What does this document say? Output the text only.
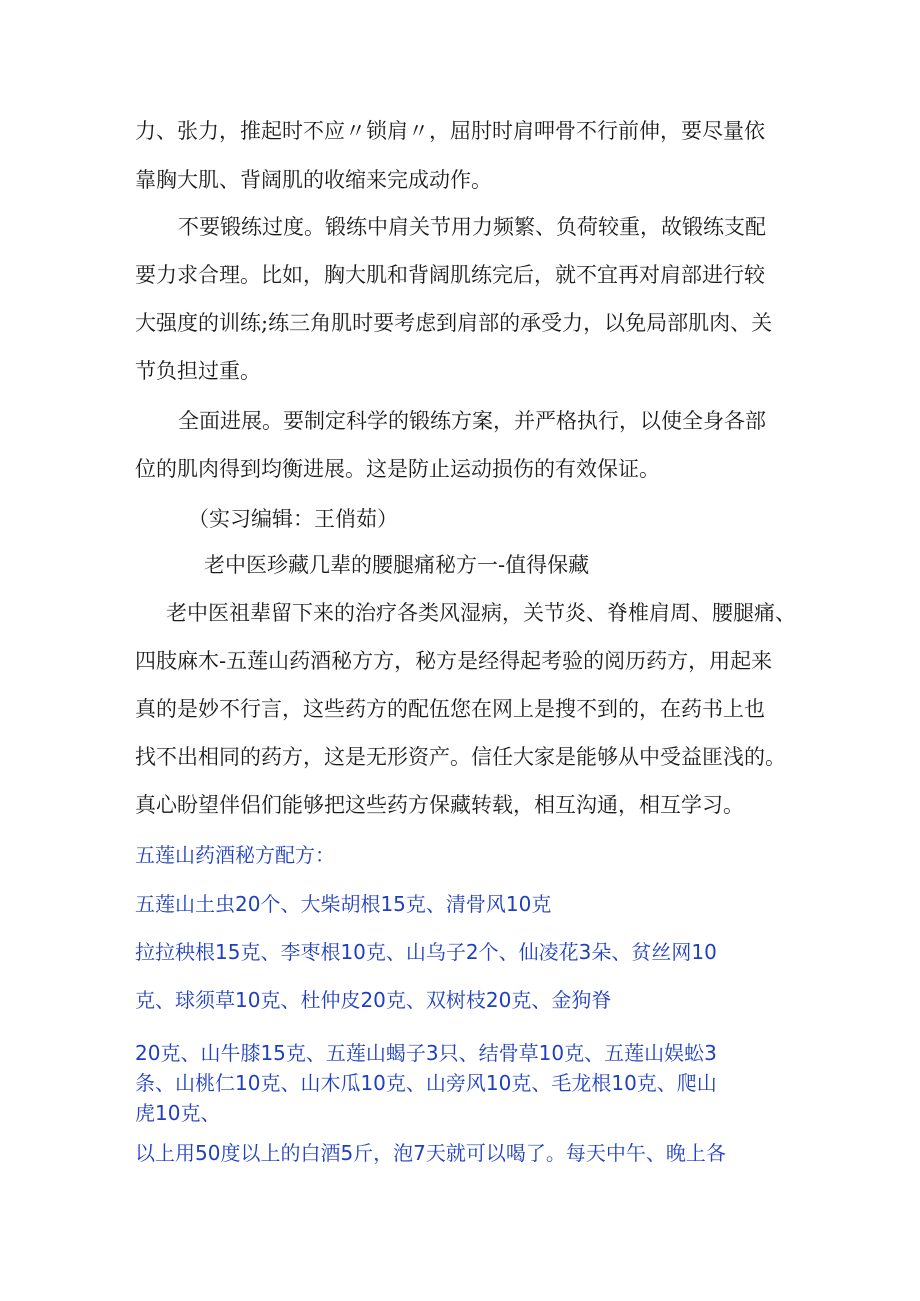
力、张力，推起时不应〃锁肩〃，屈肘时肩呷骨不行前伸，要尽量依
靠胸大肌、背阔肌的收缩来完成动作。
不要锻练过度。锻练中肩关节用力频繁、负荷较重，故锻练支配
要力求合理。比如，胸大肌和背阔肌练完后，就不宜再对肩部进行较
大强度的训练;练三角肌时要考虑到肩部的承受力，以免局部肌肉、关
节负担过重。
全面进展。要制定科学的锻练方案，并严格执行，以使全身各部
位的肌肉得到均衡进展。这是防止运动损伤的有效保证。
（实习编辑：王俏茹）
老中医珍藏几辈的腰腿痛秘方一-值得保藏
老中医祖辈留下来的治疗各类风湿病，关节炎、脊椎肩周、腰腿痛、
四肢麻木-五莲山药酒秘方方，秘方是经得起考验的阅历药方，用起来
真的是妙不行言，这些药方的配伍您在网上是搜不到的，在药书上也
找不出相同的药方，这是无形资产。信任大家是能够从中受益匪浅的。
真心盼望伴侣们能够把这些药方保藏转载，相互沟通，相互学习。
五莲山药酒秘方配方：
五莲山土虫20个、大柴胡根15克、清骨风10克
拉拉秧根15克、李枣根10克、山乌子2个、仙凌花3朵、贫丝网10
克、球须草10克、杜仲皮20克、双树枝20克、金狗脊
20克、山牛膝15克、五莲山蝎子3只、结骨草10克、五莲山娱蚣3
条、山桃仁10克、山木瓜10克、山旁风10克、毛龙根10克、爬山
虎10克、
以上用50度以上的白酒5斤，泡7天就可以喝了。每天中午、晚上各
